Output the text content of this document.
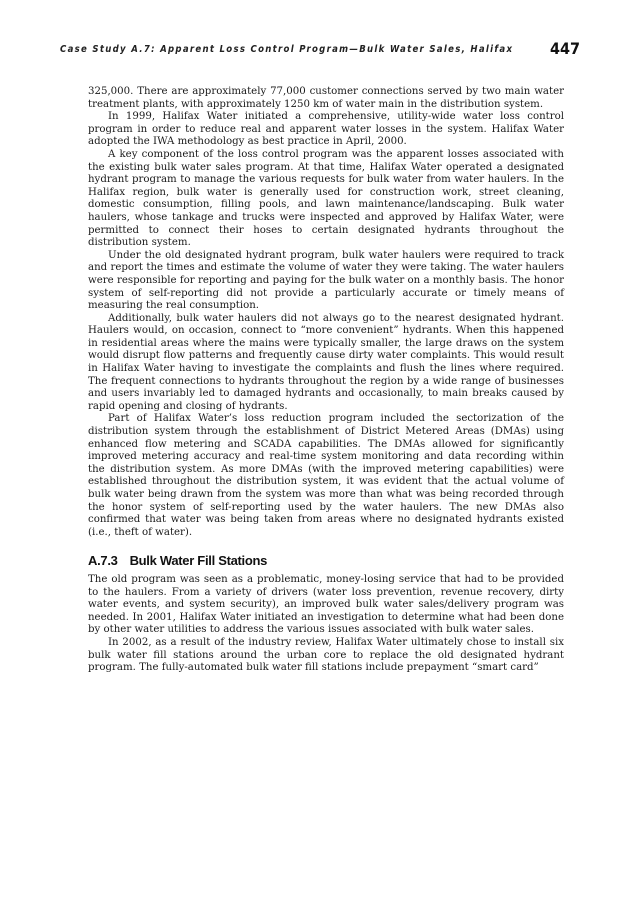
Case Study A.7: Apparent Loss Control Program—Bulk Water Sales, Halifax 447

325,000. There are approximately 77,000 customer connections served by two main water treatment plants, with approximately 1250 km of water main in the distribution system.

In 1999, Halifax Water initiated a comprehensive, utility-wide water loss control program in order to reduce real and apparent water losses in the system. Halifax Water adopted the IWA methodology as best practice in April, 2000.

A key component of the loss control program was the apparent losses associated with the existing bulk water sales program. At that time, Halifax Water operated a designated hydrant program to manage the various requests for bulk water from water haulers. In the Halifax region, bulk water is generally used for construction work, street cleaning, domestic consumption, filling pools, and lawn maintenance/landscaping. Bulk water haulers, whose tankage and trucks were inspected and approved by Halifax Water, were permitted to connect their hoses to certain designated hydrants throughout the distribution system.

Under the old designated hydrant program, bulk water haulers were required to track and report the times and estimate the volume of water they were taking. The water haulers were responsible for reporting and paying for the bulk water on a monthly basis. The honor system of self-reporting did not provide a particularly accurate or timely means of measuring the real consumption.

Additionally, bulk water haulers did not always go to the nearest designated hydrant. Haulers would, on occasion, connect to “more convenient” hydrants. When this happened in residential areas where the mains were typically smaller, the large draws on the system would disrupt flow patterns and frequently cause dirty water complaints. This would result in Halifax Water having to investigate the complaints and flush the lines where required. The frequent connections to hydrants throughout the region by a wide range of businesses and users invariably led to damaged hydrants and occasionally, to main breaks caused by rapid opening and closing of hydrants.

Part of Halifax Water’s loss reduction program included the sectorization of the distribution system through the establishment of District Metered Areas (DMAs) using enhanced flow metering and SCADA capabilities. The DMAs allowed for significantly improved metering accuracy and real-time system monitoring and data recording within the distribution system. As more DMAs (with the improved metering capabilities) were established throughout the distribution system, it was evident that the actual volume of bulk water being drawn from the system was more than what was being recorded through the honor system of self-reporting used by the water haulers. The new DMAs also confirmed that water was being taken from areas where no designated hydrants existed (i.e., theft of water).

A.7.3 Bulk Water Fill Stations

The old program was seen as a problematic, money-losing service that had to be provided to the haulers. From a variety of drivers (water loss prevention, revenue recovery, dirty water events, and system security), an improved bulk water sales/delivery program was needed. In 2001, Halifax Water initiated an investigation to determine what had been done by other water utilities to address the various issues associated with bulk water sales.

In 2002, as a result of the industry review, Halifax Water ultimately chose to install six bulk water fill stations around the urban core to replace the old designated hydrant program. The fully-automated bulk water fill stations include prepayment “smart card”
